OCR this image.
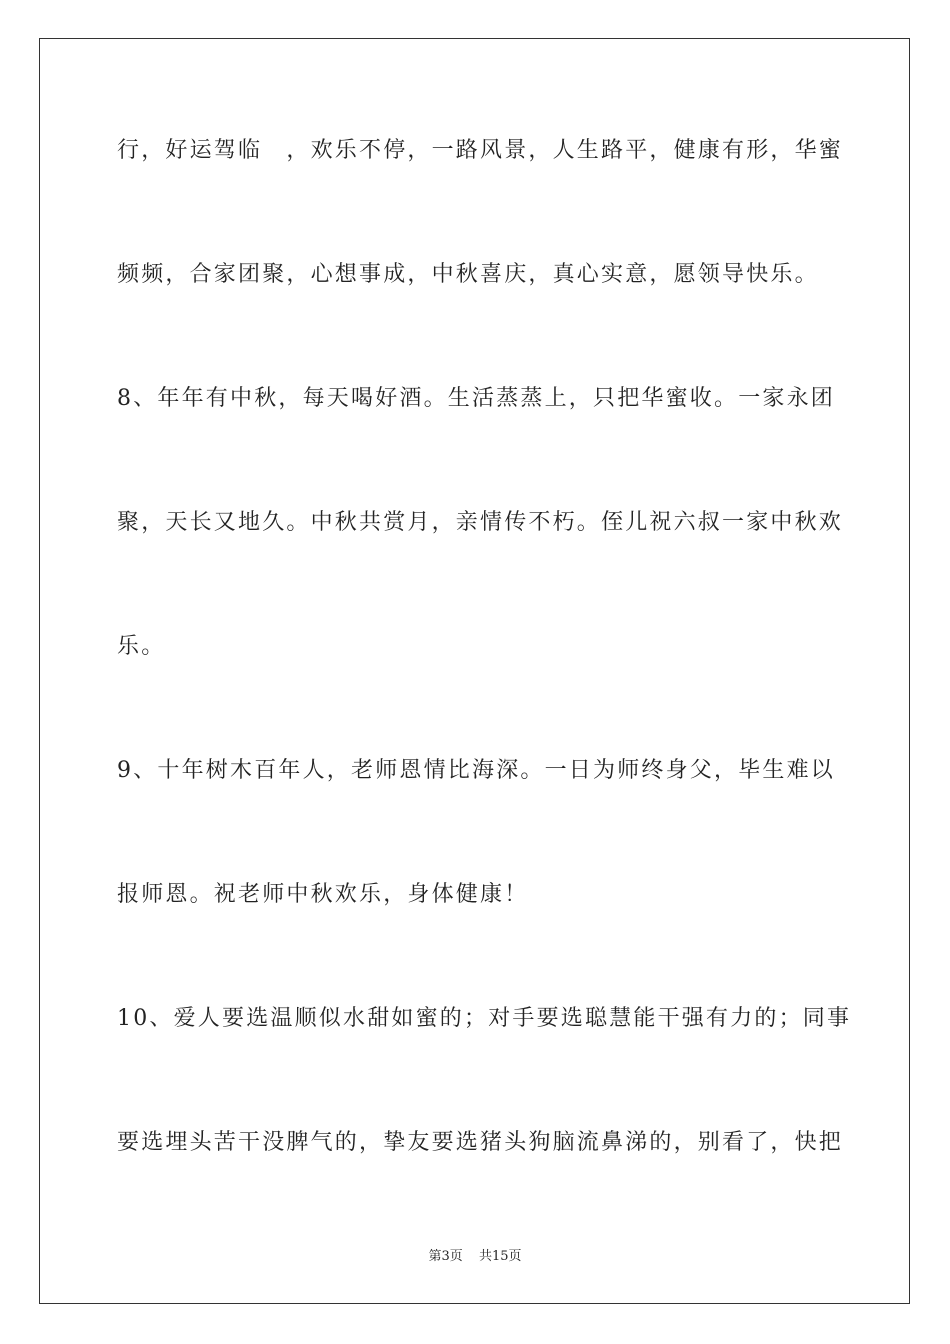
行，好运驾临　，欢乐不停，一路风景，人生路平，健康有形，华蜜
频频，合家团聚，心想事成，中秋喜庆，真心实意，愿领导快乐。
8、年年有中秋，每天喝好酒。生活蒸蒸上，只把华蜜收。一家永团
聚，天长又地久。中秋共赏月，亲情传不朽。侄儿祝六叔一家中秋欢
乐。
9、十年树木百年人，老师恩情比海深。一日为师终身父，毕生难以
报师恩。祝老师中秋欢乐，身体健康！
10、爱人要选温顺似水甜如蜜的；对手要选聪慧能干强有力的；同事
要选埋头苦干没脾气的，挚友要选猪头狗脑流鼻涕的，别看了，快把
第3页 共15页
